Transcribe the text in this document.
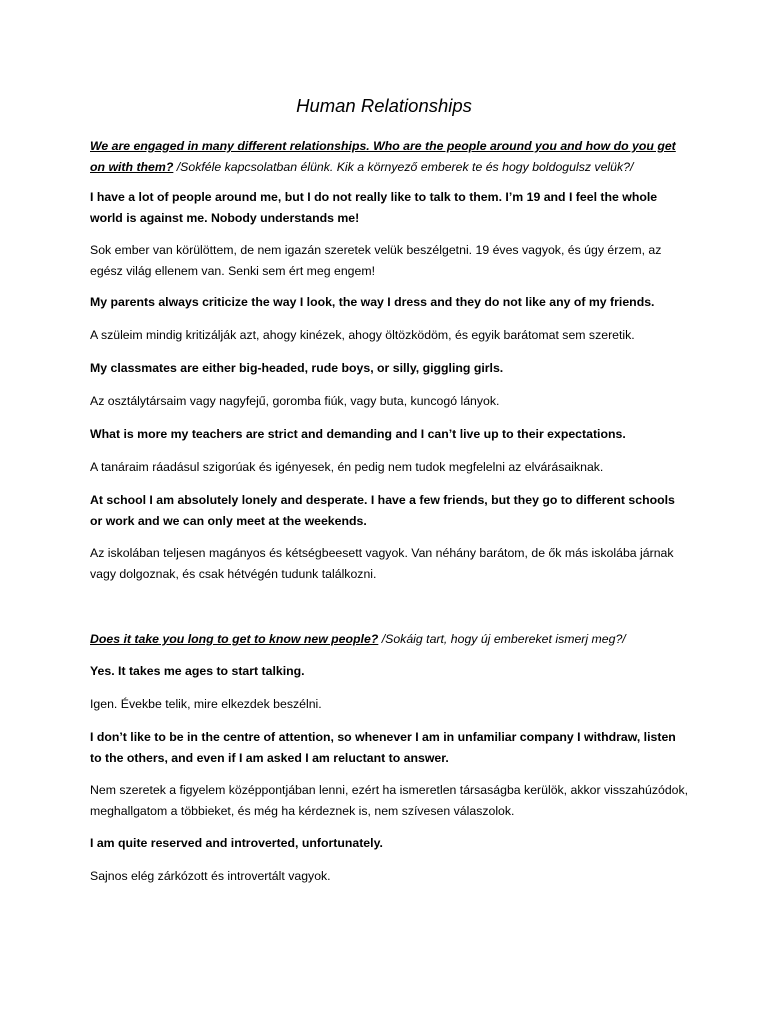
Human Relationships

We are engaged in many different relationships. Who are the people around you and how do you get on with them? /Sokféle kapcsolatban élünk. Kik a környező emberek te és hogy boldogulsz velük?/

I have a lot of people around me, but I do not really like to talk to them. I’m 19 and I feel the whole world is against me. Nobody understands me!

Sok ember van körülöttem, de nem igazán szeretek velük beszélgetni. 19 éves vagyok, és úgy érzem, az egész világ ellenem van. Senki sem ért meg engem!

My parents always criticize the way I look, the way I dress and they do not like any of my friends.

A szüleim mindig kritizálják azt, ahogy kinézek, ahogy öltözködöm, és egyik barátomat sem szeretik.

My classmates are either big-headed, rude boys, or silly, giggling girls.

Az osztálytársaim vagy nagyfejű, goromba fiúk, vagy buta, kuncogó lányok.

What is more my teachers are strict and demanding and I can’t live up to their expectations.

A tanáraim ráadásul szigorúak és igényesek, én pedig nem tudok megfelelni az elvárásaiknak.

At school I am absolutely lonely and desperate. I have a few friends, but they go to different schools or work and we can only meet at the weekends.

Az iskolában teljesen magányos és kétségbeesett vagyok. Van néhány barátom, de ők más iskolába járnak vagy dolgoznak, és csak hétvégén tudunk találkozni.

Does it take you long to get to know new people? /Sokáig tart, hogy új embereket ismerj meg?/

Yes. It takes me ages to start talking.

Igen. Évekbe telik, mire elkezdek beszélni.

I don’t like to be in the centre of attention, so whenever I am in unfamiliar company I withdraw, listen to the others, and even if I am asked I am reluctant to answer.

Nem szeretek a figyelem középpontjában lenni, ezért ha ismeretlen társaságba kerülök, akkor visszahúzódok, meghallgatom a többieket, és még ha kérdeznek is, nem szívesen válaszolok.

I am quite reserved and introverted, unfortunately.

Sajnos elég zárkózott és introvertált vagyok.
